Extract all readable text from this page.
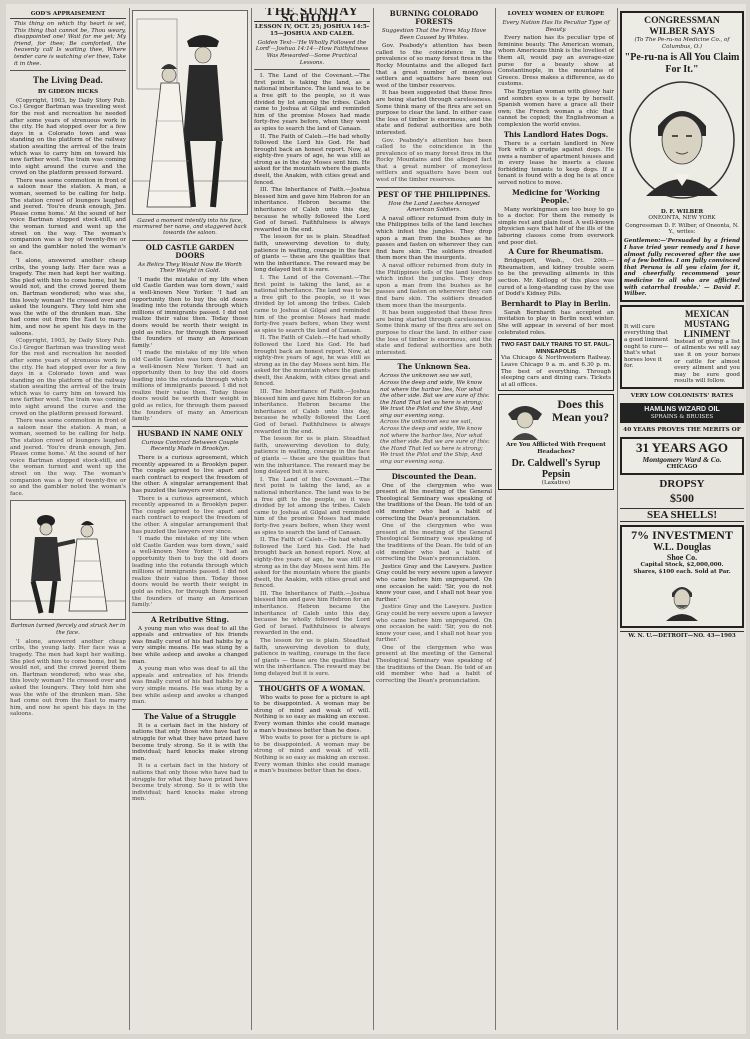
GOD'S APPRAISEMENT
This thing on which thy heart is set, This thing that cannot be, Thou weary, disappointed one! Wait for me yet; My friend, for thee; Be comforted, the heavenly call Is waiting thee, Where tender care is watching o'er thee, Take it in thee.
The Living Dead.
BY GIDEON HICKS
(Copyright, 1903, by Daily Story Pub. Co.) Gregor Bartman was traveling west for the rest and recreation he needed after some years of strenuous work in the city. He had stopped over for a few days in a Colorado town and was standing on the platform of the railway station awaiting the arrival of the train which was to carry him on toward his new farther west. The train was coming into sight around the curve and the crowd on the platform pressed forward.
There was some commotion in front of a saloon near the station. A man, a woman, seemed to be calling for help. The station crowd of loungers laughed and jeered. 'You're drunk enough, Jim. Please come home.' At the sound of her voice Bartman stopped stock-still, and the woman turned and went up the street on the way. The woman's companion was a boy of twenty-five or so and the gambler noted the woman's face.
'I alone, answered another cheap cribs, the young lady. Her face was a tragedy. The men had kept her waiting. She pled with him to come home, but he would not, and the crowd jeered them on. Bartman wondered; who was she, this lovely woman? He crossed over and asked the loungers. They told him she was the wife of the drunken man. She had come out from the East to marry him, and now he spent his days in the saloons.
(Copyright, 1903, by Daily Story Pub. Co.) Gregor Bartman was traveling west for the rest and recreation he needed after some years of strenuous work in the city. He had stopped over for a few days in a Colorado town and was standing on the platform of the railway station awaiting the arrival of the train which was to carry him on toward his new farther west. The train was coming into sight around the curve and the crowd on the platform pressed forward.
There was some commotion in front of a saloon near the station. A man, a woman, seemed to be calling for help. The station crowd of loungers laughed and jeered. 'You're drunk enough, Jim. Please come home.' At the sound of her voice Bartman stopped stock-still, and the woman turned and went up the street on the way. The woman's companion was a boy of twenty-five or so and the gambler noted the woman's face.
Bartman turned fiercely and struck her in the face.
'I alone, answered another cheap cribs, the young lady. Her face was a tragedy. The men had kept her waiting. She pled with him to come home, but he would not, and the crowd jeered them on. Bartman wondered; who was she, this lovely woman? He crossed over and asked the loungers. They told him she was the wife of the drunken man. She had come out from the East to marry him, and now he spent his days in the saloons.
Gazed a moment intently into his face, murmured her name, and staggered back towards the saloon.
OLD CASTLE GARDEN DOORS
As Relics They Would Now Be Worth Their Weight in Gold.
'I made the mistake of my life when old Castle Garden was torn down,' said a well-known New Yorker. 'I had an opportunity then to buy the old doors leading into the rotunda through which millions of immigrants passed. I did not realize their value then. Today those doors would be worth their weight in gold as relics, for through them passed the founders of many an American family.'
'I made the mistake of my life when old Castle Garden was torn down,' said a well-known New Yorker. 'I had an opportunity then to buy the old doors leading into the rotunda through which millions of immigrants passed. I did not realize their value then. Today those doors would be worth their weight in gold as relics, for through them passed the founders of many an American family.'
HUSBAND IN NAME ONLY
Curious Contract Between Couple Recently Made in Brooklyn.
There is a curious agreement, which recently appeared in a Brooklyn paper. The couple agreed to live apart and each contract to respect the freedom of the other. A singular arrangement that has puzzled the lawyers ever since.
There is a curious agreement, which recently appeared in a Brooklyn paper. The couple agreed to live apart and each contract to respect the freedom of the other. A singular arrangement that has puzzled the lawyers ever since.
'I made the mistake of my life when old Castle Garden was torn down,' said a well-known New Yorker. 'I had an opportunity then to buy the old doors leading into the rotunda through which millions of immigrants passed. I did not realize their value then. Today those doors would be worth their weight in gold as relics, for through them passed the founders of many an American family.'
A Retributive Sting.
A young man who was deaf to all the appeals and entreaties of his friends was finally cured of his bad habits by a very simple means. He was stung by a bee while asleep and awoke a changed man.
A young man who was deaf to all the appeals and entreaties of his friends was finally cured of his bad habits by a very simple means. He was stung by a bee while asleep and awoke a changed man.
The Value of a Struggle
It is a certain fact in the history of nations that only those who have had to struggle for what they have prized have become truly strong. So it is with the individual; hard knocks make strong men.
It is a certain fact in the history of nations that only those who have had to struggle for what they have prized have become truly strong. So it is with the individual; hard knocks make strong men.
THE SUNDAY SCHOOL
LESSON IV, OCT. 25; JOSHUA 14:5-15—JOSHUA AND CALEB.
Golden Text—'He Wholly Followed the Lord'—Joshua 14:14—How Faithfulness Was Rewarded—Some Practical Lessons.
I. The Land of the Covenant.—The first point is taking the land, as a national inheritance. The land was to be a free gift to the people, so it was divided by lot among the tribes. Caleb came to Joshua at Gilgal and reminded him of the promise Moses had made forty-five years before, when they went as spies to search the land of Canaan.
II. The Faith of Caleb.—He had wholly followed the Lord his God. He had brought back an honest report. Now, at eighty-five years of age, he was still as strong as in the day Moses sent him. He asked for the mountain where the giants dwelt, the Anakim, with cities great and fenced.
III. The Inheritance of Faith.—Joshua blessed him and gave him Hebron for an inheritance. Hebron became the inheritance of Caleb unto this day, because he wholly followed the Lord God of Israel. Faithfulness is always rewarded in the end.
The lesson for us is plain. Steadfast faith, unswerving devotion to duty, patience in waiting, courage in the face of giants — these are the qualities that win the inheritance. The reward may be long delayed but it is sure.
I. The Land of the Covenant.—The first point is taking the land, as a national inheritance. The land was to be a free gift to the people, so it was divided by lot among the tribes. Caleb came to Joshua at Gilgal and reminded him of the promise Moses had made forty-five years before, when they went as spies to search the land of Canaan.
II. The Faith of Caleb.—He had wholly followed the Lord his God. He had brought back an honest report. Now, at eighty-five years of age, he was still as strong as in the day Moses sent him. He asked for the mountain where the giants dwelt, the Anakim, with cities great and fenced.
III. The Inheritance of Faith.—Joshua blessed him and gave him Hebron for an inheritance. Hebron became the inheritance of Caleb unto this day, because he wholly followed the Lord God of Israel. Faithfulness is always rewarded in the end.
The lesson for us is plain. Steadfast faith, unswerving devotion to duty, patience in waiting, courage in the face of giants — these are the qualities that win the inheritance. The reward may be long delayed but it is sure.
I. The Land of the Covenant.—The first point is taking the land, as a national inheritance. The land was to be a free gift to the people, so it was divided by lot among the tribes. Caleb came to Joshua at Gilgal and reminded him of the promise Moses had made forty-five years before, when they went as spies to search the land of Canaan.
II. The Faith of Caleb.—He had wholly followed the Lord his God. He had brought back an honest report. Now, at eighty-five years of age, he was still as strong as in the day Moses sent him. He asked for the mountain where the giants dwelt, the Anakim, with cities great and fenced.
III. The Inheritance of Faith.—Joshua blessed him and gave him Hebron for an inheritance. Hebron became the inheritance of Caleb unto this day, because he wholly followed the Lord God of Israel. Faithfulness is always rewarded in the end.
The lesson for us is plain. Steadfast faith, unswerving devotion to duty, patience in waiting, courage in the face of giants — these are the qualities that win the inheritance. The reward may be long delayed but it is sure.
THOUGHTS OF A WOMAN.
Who waits to pose for a picture is apt to be disappointed. A woman may be strong of mind and weak of will. Nothing is so easy as making an excuse. Every woman thinks she could manage a man's business better than he does.
Who waits to pose for a picture is apt to be disappointed. A woman may be strong of mind and weak of will. Nothing is so easy as making an excuse. Every woman thinks she could manage a man's business better than he does.
BURNING COLORADO FORESTS
Suggestion That the Fires May Have Been Caused by Whites.
Gov. Peabody's attention has been called to the coincidence in the prevalence of so many forest fires in the Rocky Mountains and the alleged fact that a great number of moneyless settlers and squatters have been out west of the timber reserves.
It has been suggested that these fires are being started through carelessness. Some think many of the fires are set on purpose to clear the land. In either case the loss of timber is enormous, and the state and federal authorities are both interested.
Gov. Peabody's attention has been called to the coincidence in the prevalence of so many forest fires in the Rocky Mountains and the alleged fact that a great number of moneyless settlers and squatters have been out west of the timber reserves.
PEST OF THE PHILIPPINES.
How the Land Leeches Annoyed American Soldiers.
A naval officer returned from duty in the Philippines tells of the land leeches which infest the jungles. They drop upon a man from the bushes as he passes and fasten on wherever they can find bare skin. The soldiers dreaded them more than the insurgents.
A naval officer returned from duty in the Philippines tells of the land leeches which infest the jungles. They drop upon a man from the bushes as he passes and fasten on wherever they can find bare skin. The soldiers dreaded them more than the insurgents.
It has been suggested that these fires are being started through carelessness. Some think many of the fires are set on purpose to clear the land. In either case the loss of timber is enormous, and the state and federal authorities are both interested.
The Unknown Sea.
Across the unknown sea we sail, Across the deep and wide, We know not where the harbor lies, Nor what the other side. But we are sure of this: the Hand That led us here is strong; We trust the Pilot and the Ship, And sing our evening song.
Across the unknown sea we sail, Across the deep and wide, We know not where the harbor lies, Nor what the other side. But we are sure of this: the Hand That led us here is strong; We trust the Pilot and the Ship, And sing our evening song.
Discounted the Dean.
One of the clergymen who was present at the meeting of the General Theological Seminary was speaking of the traditions of the Dean. He told of an old member who had a habit of correcting the Dean's pronunciation.
One of the clergymen who was present at the meeting of the General Theological Seminary was speaking of the traditions of the Dean. He told of an old member who had a habit of correcting the Dean's pronunciation.
Justice Gray and the Lawyers. Justice Gray could be very severe upon a lawyer who came before him unprepared. On one occasion he said: 'Sir, you do not know your case, and I shall not hear you further.'
Justice Gray and the Lawyers. Justice Gray could be very severe upon a lawyer who came before him unprepared. On one occasion he said: 'Sir, you do not know your case, and I shall not hear you further.'
One of the clergymen who was present at the meeting of the General Theological Seminary was speaking of the traditions of the Dean. He told of an old member who had a habit of correcting the Dean's pronunciation.
LOVELY WOMEN OF EUROPE
Every Nation Has Its Peculiar Type of Beauty.
Every nation has its peculiar type of feminine beauty. The American woman, whom Americans think is the loveliest of them all, would pay an average-size purse for a beauty show at Constantinople, in the mountains of Greece. Dress makes a difference, as do customs.
The Egyptian woman with glossy hair and sombre eyes is a type by herself. Spanish women have a grace all their own; the French woman a chic that cannot be copied; the Englishwoman a complexion the world envies.
This Landlord Hates Dogs.
There is a certain landlord in New York with a grudge against dogs. He owns a number of apartment houses and in every lease he inserts a clause forbidding tenants to keep dogs. If a tenant is found with a dog he is at once served notice to move.
Medicine for 'Working People.'
Many workingmen are too busy to go to a doctor. For them the remedy is simple rest and plain food. A well-known physician says that half of the ills of the laboring classes come from overwork and poor diet.
A Cure for Rheumatism.
Bridgeport, Wash., Oct. 20th.—Rheumatism, and kidney trouble seem to be the prevailing ailments in this section. Mr. Kellogg of this place was cured of a long-standing case by the use of Dodd's Kidney Pills.
Bernhardt to Play in Berlin.
Sarah Bernhardt has accepted an invitation to play in Berlin next winter. She will appear in several of her most celebrated roles.
TWO FAST DAILY TRAINS TO ST. PAUL-MINNEAPOLIS
Via Chicago & Northwestern Railway. Leave Chicago 9 a. m. and 6.30 p. m. The best of everything. Through sleeping cars and dining cars. Tickets at all offices.
Does this Mean you?
Are You Afflicted With Frequent Headaches?
Dr. Caldwell's Syrup Pepsin
(Laxative)
CONGRESSMAN WILBER SAYS
(To The Pe-ru-na Medicine Co., of Columbus, O.)
"Pe-ru-na is All You Claim For It."
D. F. WILBER
ONEONTA, NEW YORK
Congressman D. F. Wilber, of Oneonta, N. Y., writes:
Gentlemen:—'Persuaded by a friend I have tried your remedy and I have almost fully recovered after the use of a few bottles. I am fully convinced that Peruna is all you claim for it, and cheerfully recommend your medicine to all who are afflicted with catarrhal trouble.' — David F. Wilber.
It will cure everything that a good liniment ought to cure—that's what horses love it for.
MEXICAN MUSTANG LINIMENT
Instead of giving a list of ailments we will say use it on your horses or cattle for almost every ailment and you may be sure good results will follow.
VERY LOW COLONISTS' RATES
HAMLINS WIZARD OIL
SPRAINS & BRUISES
40 YEARS PROVES THE MERITS OF
31 YEARS AGO
Montgomery Ward & Co.
CHICAGO
DROPSY
$500
SEA SHELLS!
7% INVESTMENT
W.L. Douglas
Shoe Co.
Capital Stock, $2,000,000.
Shares, $100 each. Sold at Par.
W. N. U.—DETROIT—NO. 43—1903
